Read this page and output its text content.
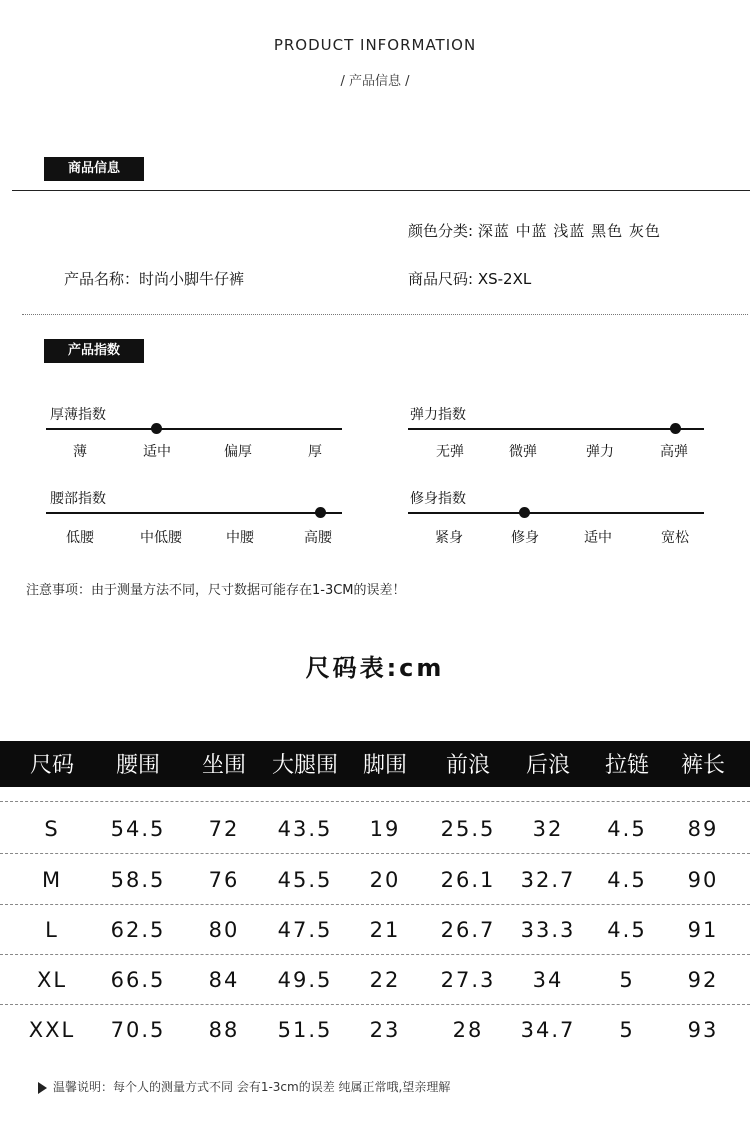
PRODUCT INFORMATION
/ 产品信息 /
商品信息
颜色分类: 深蓝 中蓝 浅蓝 黑色 灰色
产品名称：时尚小脚牛仔裤	商品尺码: XS-2XL
产品指数
厚薄指数
薄	适中	偏厚	厚
弹力指数
无弹	微弹	弹力	高弹
腰部指数
低腰	中低腰	中腰	高腰
修身指数
紧身	修身	适中	宽松
注意事项：由于测量方法不同，尺寸数据可能存在1-3CM的误差！
尺码表:cm
尺码	腰围	坐围	大腿围	脚围	前浪	后浪	拉链	裤长
S	54.5	72	43.5	19	25.5	32	4.5	89
M	58.5	76	45.5	20	26.1	32.7	4.5	90
L	62.5	80	47.5	21	26.7	33.3	4.5	91
XL	66.5	84	49.5	22	27.3	34	5	92
XXL	70.5	88	51.5	23	28	34.7	5	93
温馨说明：每个人的测量方式不同 会有1-3cm的误差 纯属正常哦,望亲理解
